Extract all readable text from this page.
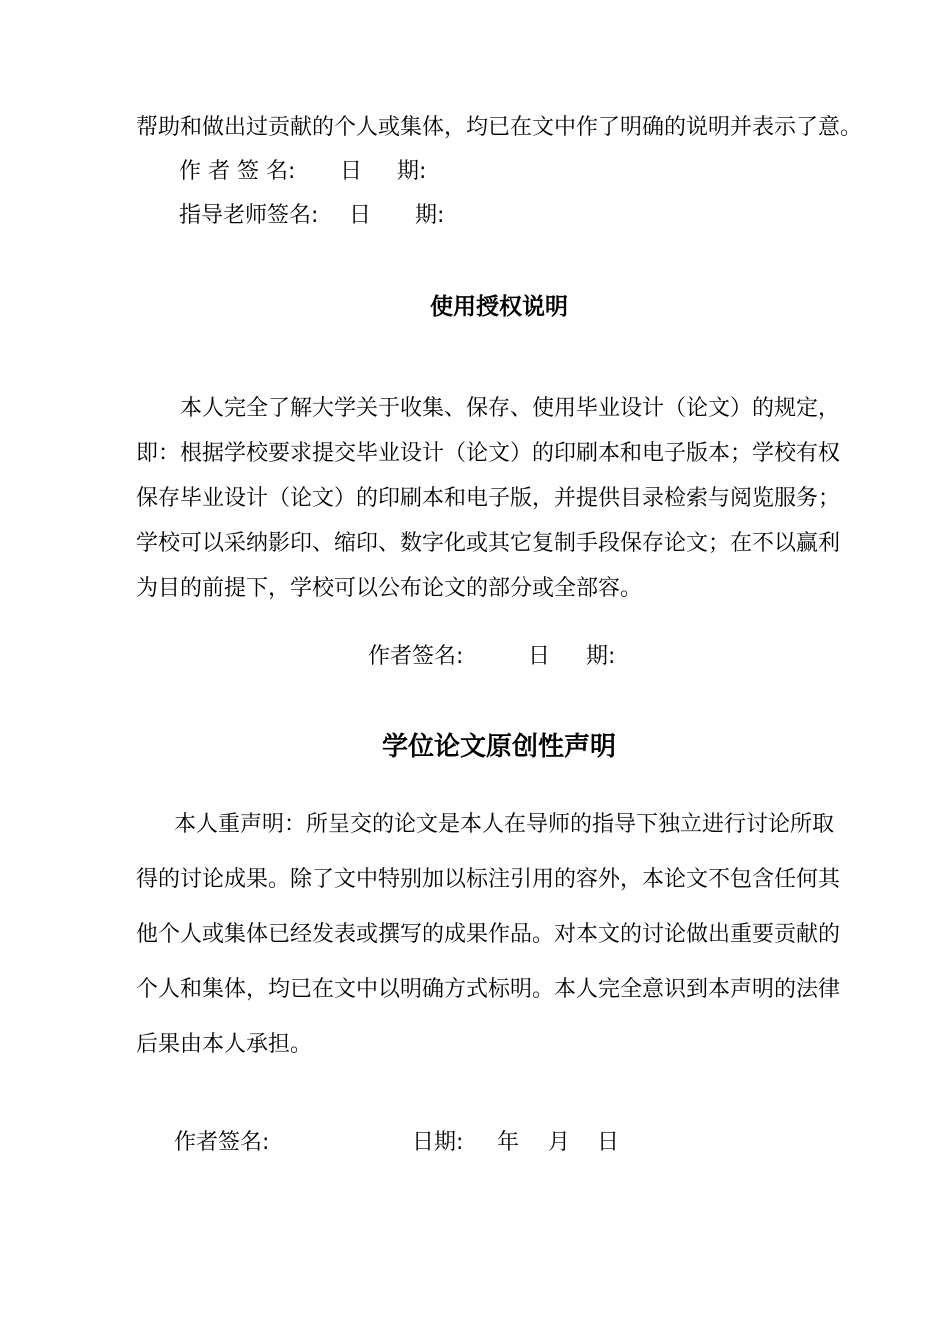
帮助和做出过贡献的个人或集体，均已在文中作了明确的说明并表示了意。
作 者 签 名: 日 期:
指导老师签名: 日 期:
使用授权说明

本人完全了解大学关于收集、保存、使用毕业设计（论文）的规定，

即：根据学校要求提交毕业设计（论文）的印刷本和电子版本；学校有权

保存毕业设计（论文）的印刷本和电子版，并提供目录检索与阅览服务；

学校可以采纳影印、缩印、数字化或其它复制手段保存论文；在不以赢利

为目的前提下，学校可以公布论文的部分或全部容。

作者签名:	日 期:
学位论文原创性声明

本人重声明：所呈交的论文是本人在导师的指导下独立进行讨论所取

得的讨论成果。除了文中特别加以标注引用的容外，本论文不包含任何其

他个人或集体已经发表或撰写的成果作品。对本文的讨论做出重要贡献的

个人和集体，均已在文中以明确方式标明。本人完全意识到本声明的法律

后果由本人承担。

作者签名:	日期: 年 月 日
